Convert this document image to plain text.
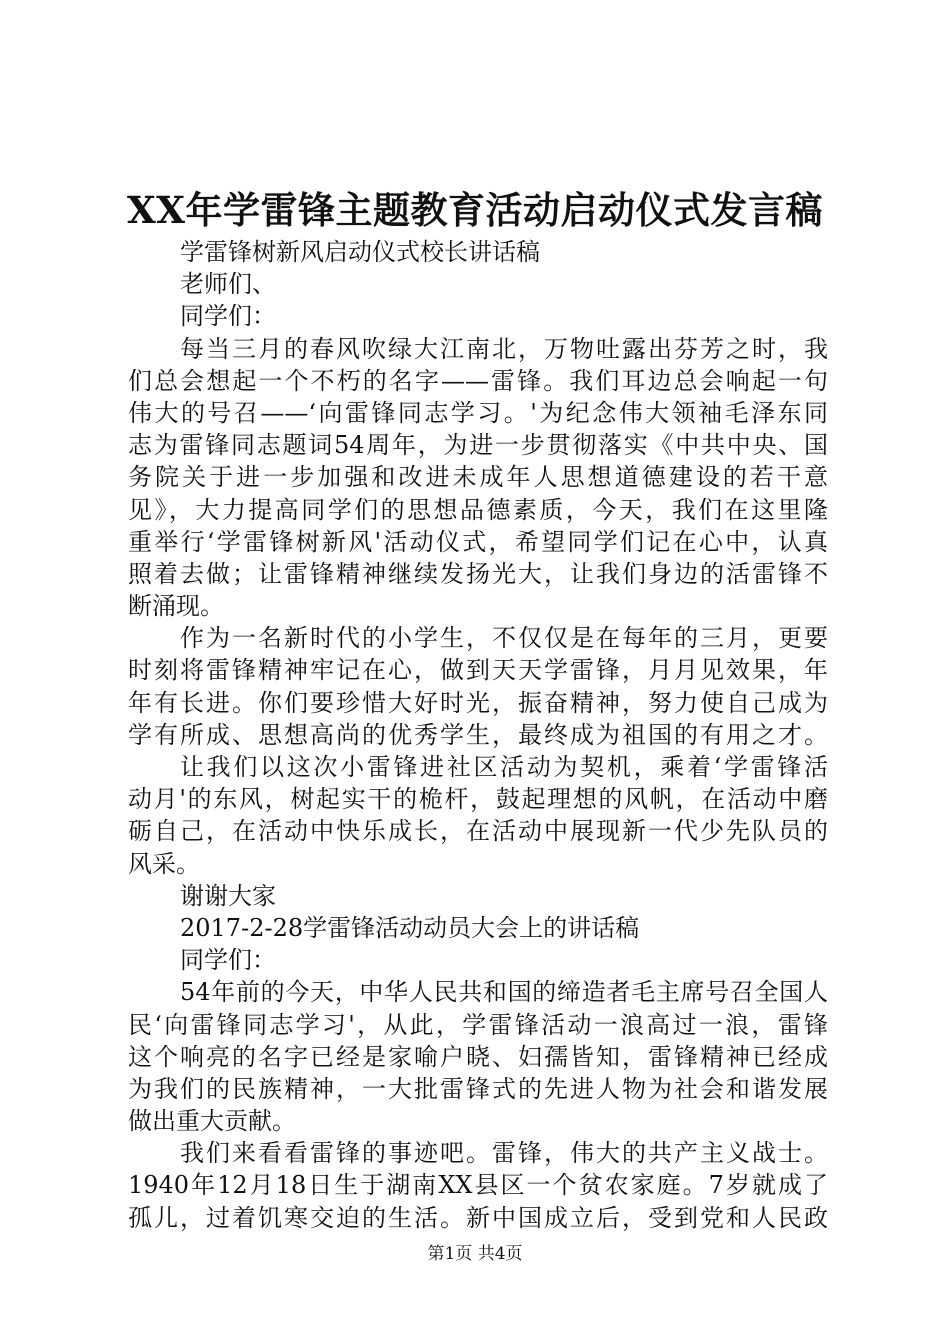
XX年学雷锋主题教育活动启动仪式发言稿

学雷锋树新风启动仪式校长讲话稿

老师们、

同学们：

每当三月的春风吹绿大江南北，万物吐露出芬芳之时，我

们总会想起一个不朽的名字——雷锋。我们耳边总会响起一句

伟大的号召——‘向雷锋同志学习。'为纪念伟大领袖毛泽东同

志为雷锋同志题词54周年，为进一步贯彻落实《中共中央、国

务院关于进一步加强和改进未成年人思想道德建设的若干意

见》，大力提高同学们的思想品德素质，今天，我们在这里隆

重举行‘学雷锋树新风'活动仪式，希望同学们记在心中，认真

照着去做；让雷锋精神继续发扬光大，让我们身边的活雷锋不

断涌现。

作为一名新时代的小学生，不仅仅是在每年的三月，更要

时刻将雷锋精神牢记在心，做到天天学雷锋，月月见效果，年

年有长进。你们要珍惜大好时光，振奋精神，努力使自己成为

学有所成、思想高尚的优秀学生，最终成为祖国的有用之才。

让我们以这次小雷锋进社区活动为契机，乘着‘学雷锋活

动月'的东风，树起实干的桅杆，鼓起理想的风帆，在活动中磨

砺自己，在活动中快乐成长，在活动中展现新一代少先队员的

风采。

谢谢大家

2017-2-28学雷锋活动动员大会上的讲话稿

同学们：

54年前的今天，中华人民共和国的缔造者毛主席号召全国人

民‘向雷锋同志学习'，从此，学雷锋活动一浪高过一浪，雷锋

这个响亮的名字已经是家喻户晓、妇孺皆知，雷锋精神已经成

为我们的民族精神，一大批雷锋式的先进人物为社会和谐发展

做出重大贡献。

我们来看看雷锋的事迹吧。雷锋，伟大的共产主义战士。

1940年12月18日生于湖南XX县区一个贫农家庭。7岁就成了

孤儿，过着饥寒交迫的生活。新中国成立后，受到党和人民政

第1页 共4页
